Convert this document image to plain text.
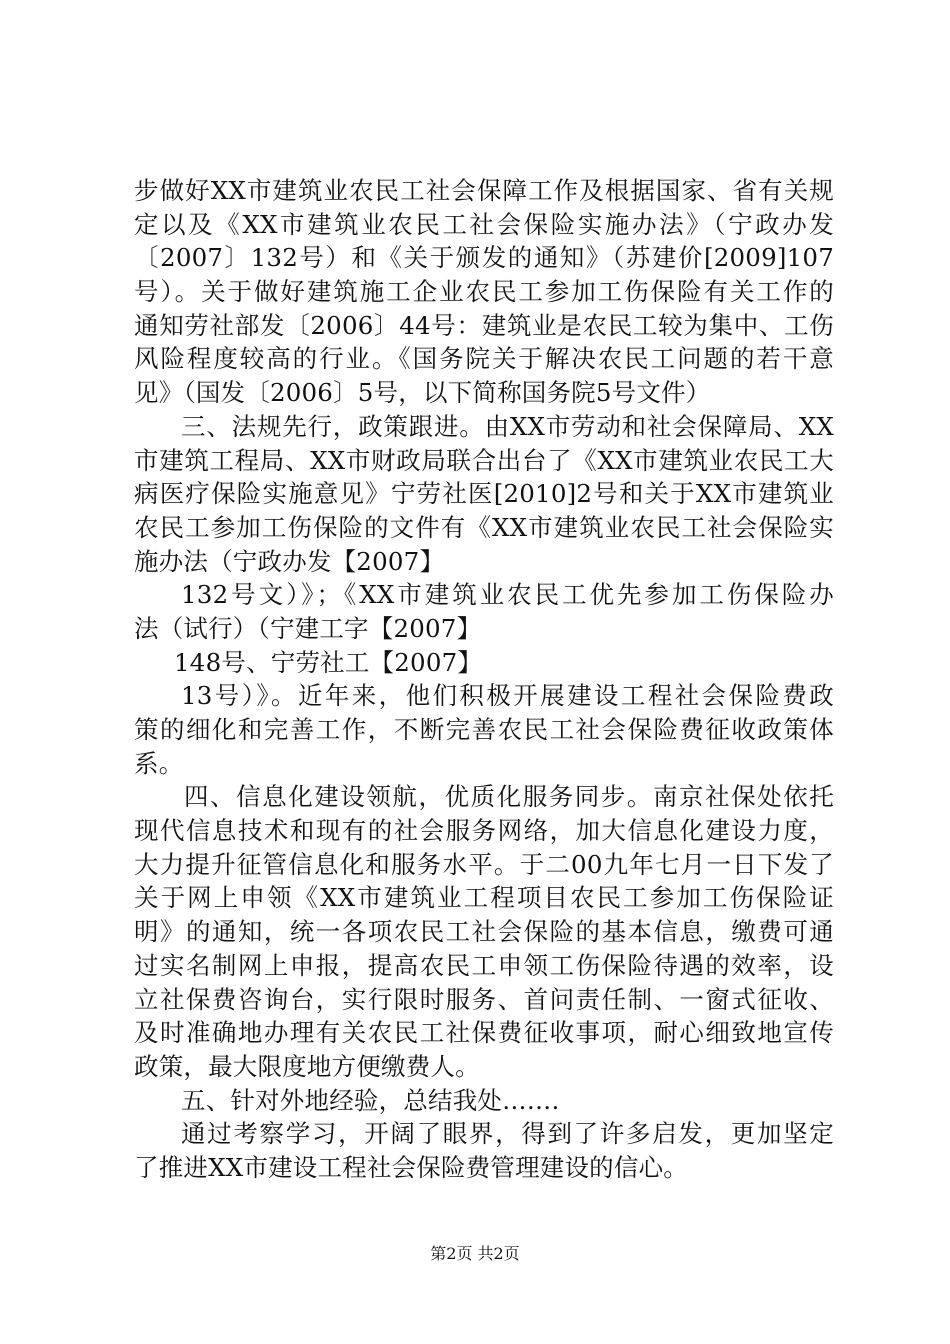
步做好XX市建筑业农民工社会保障工作及根据国家、省有关规
定以及《XX市建筑业农民工社会保险实施办法》（宁政办发
〔2007〕132号）和《关于颁发的通知》（苏建价[2009]107
号）。关于做好建筑施工企业农民工参加工伤保险有关工作的
通知劳社部发〔2006〕44号：建筑业是农民工较为集中、工伤
风险程度较高的行业。《国务院关于解决农民工问题的若干意
见》（国发〔2006〕5号，以下简称国务院5号文件）
三、法规先行，政策跟进。由XX市劳动和社会保障局、XX
市建筑工程局、XX市财政局联合出台了《XX市建筑业农民工大
病医疗保险实施意见》宁劳社医[2010]2号和关于XX市建筑业
农民工参加工伤保险的文件有《XX市建筑业农民工社会保险实
施办法（宁政办发【2007】
132号文）》；《XX市建筑业农民工优先参加工伤保险办
法（试行）（宁建工字【2007】
148号、宁劳社工【2007】
13号）》。近年来，他们积极开展建设工程社会保险费政
策的细化和完善工作，不断完善农民工社会保险费征收政策体
系。
四、信息化建设领航，优质化服务同步。南京社保处依托
现代信息技术和现有的社会服务网络，加大信息化建设力度，
大力提升征管信息化和服务水平。于二00九年七月一日下发了
关于网上申领《XX市建筑业工程项目农民工参加工伤保险证
明》的通知，统一各项农民工社会保险的基本信息，缴费可通
过实名制网上申报，提高农民工申领工伤保险待遇的效率，设
立社保费咨询台，实行限时服务、首问责任制、一窗式征收、
及时准确地办理有关农民工社保费征收事项，耐心细致地宣传
政策，最大限度地方便缴费人。
五、针对外地经验，总结我处…….
通过考察学习，开阔了眼界，得到了许多启发，更加坚定
了推进XX市建设工程社会保险费管理建设的信心。
第2页 共2页
